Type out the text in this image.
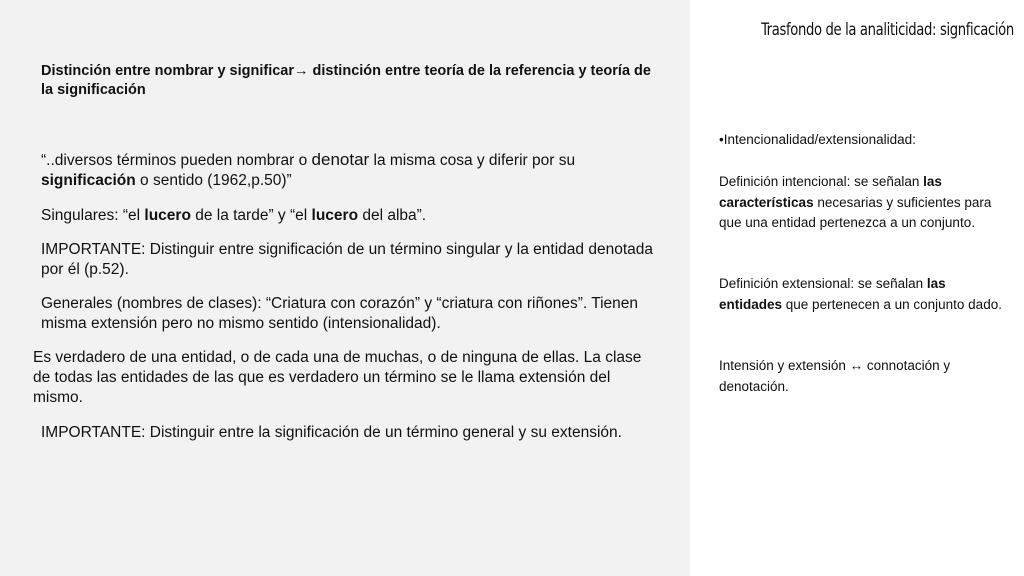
Trasfondo de la analiticidad: signficación
Distinción entre nombrar y significar→ distinción entre teoría de la referencia y teoría de la significación
“..diversos términos pueden nombrar o denotar la misma cosa y diferir por su significación o sentido (1962,p.50)”
Singulares: “el lucero de la tarde” y “el lucero del alba”.
IMPORTANTE: Distinguir entre significación de un término singular y la entidad denotada por él (p.52).
Generales (nombres de clases): “Criatura con corazón” y “criatura con riñones”. Tienen misma extensión pero no mismo sentido (intensionalidad).
Es verdadero de una entidad, o de cada una de muchas, o de ninguna de ellas. La clase de todas las entidades de las que es verdadero un término se le llama extensión del mismo.
IMPORTANTE: Distinguir entre la significación de un término general y su extensión.
•Intencionalidad/extensionalidad:
Definición intencional: se señalan las características necesarias y suficientes para que una entidad pertenezca a un conjunto.
Definición extensional: se señalan las entidades que pertenecen a un conjunto dado.
Intensión y extensión ↔ connotación y denotación.
